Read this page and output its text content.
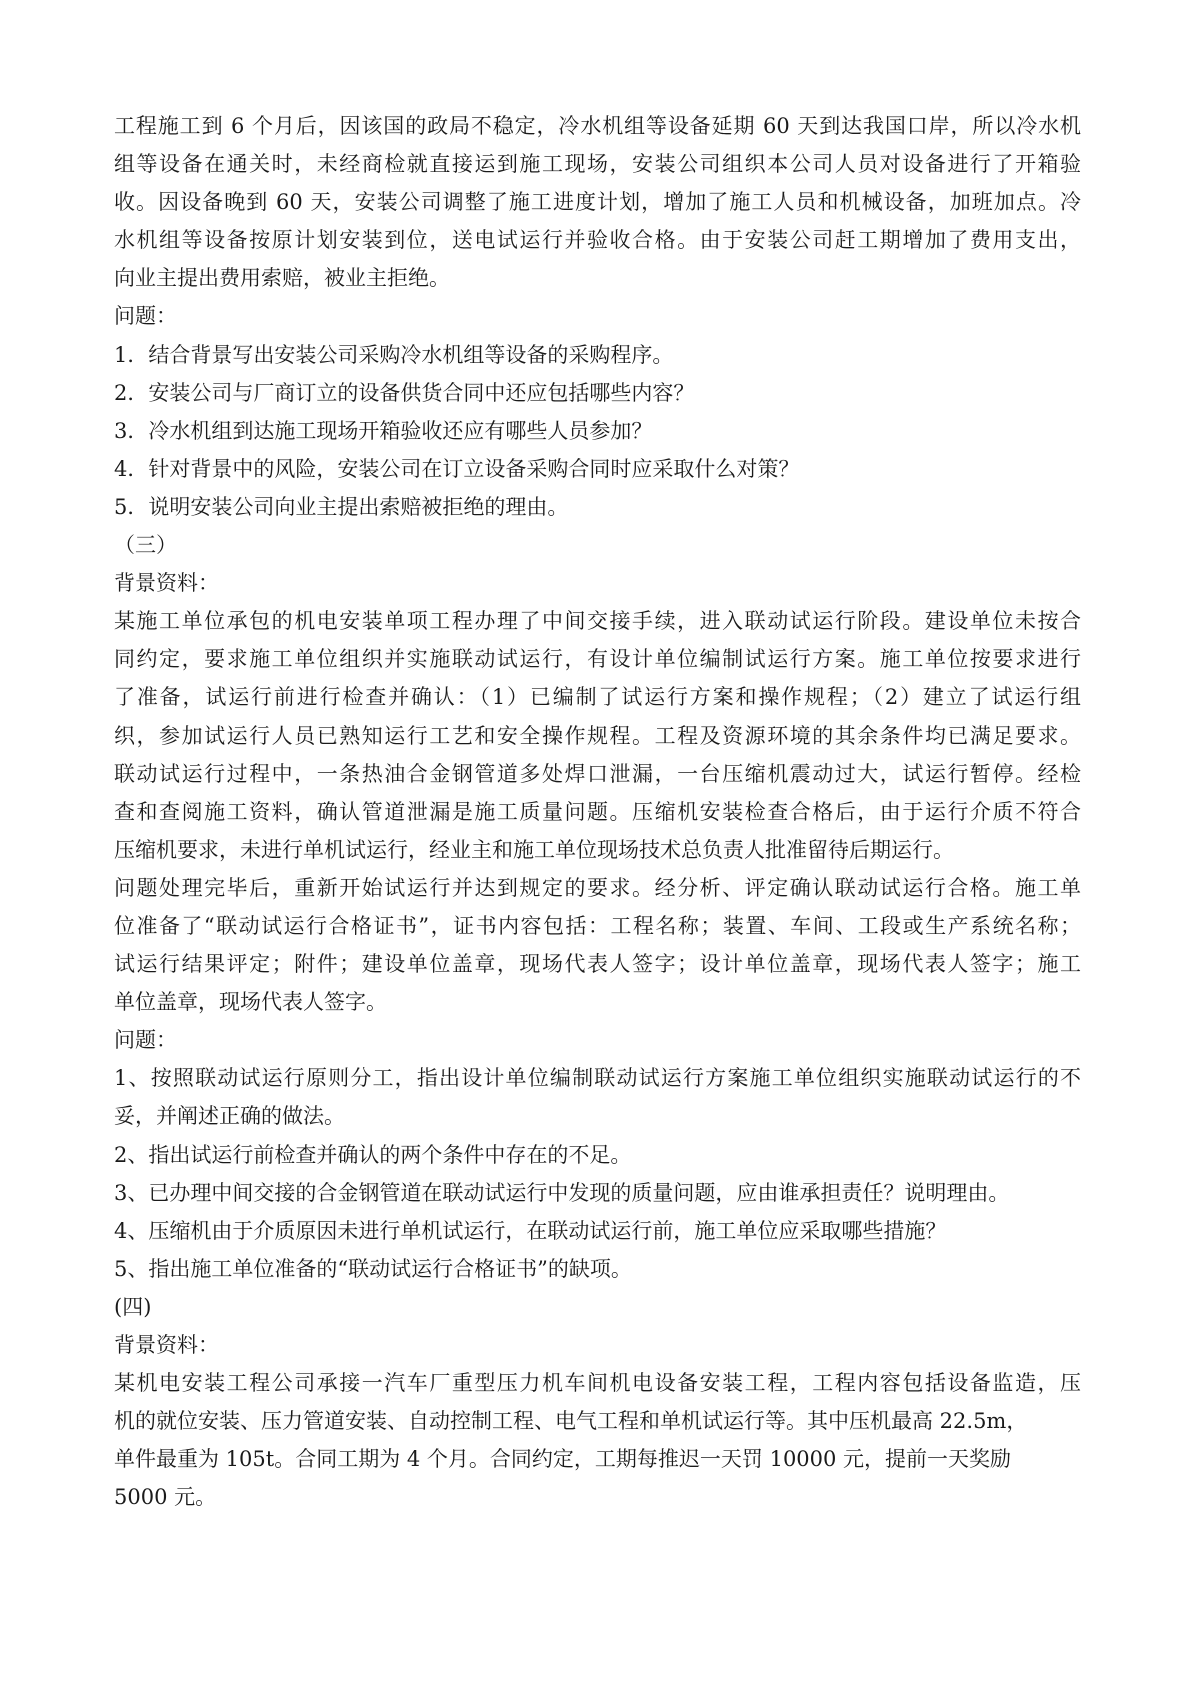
工程施工到 6 个月后，因该国的政局不稳定，冷水机组等设备延期 60 天到达我国口岸，所以冷水机
组等设备在通关时，未经商检就直接运到施工现场，安装公司组织本公司人员对设备进行了开箱验
收。因设备晚到 60 天，安装公司调整了施工进度计划，增加了施工人员和机械设备，加班加点。冷
水机组等设备按原计划安装到位，送电试运行并验收合格。由于安装公司赶工期增加了费用支出，
向业主提出费用索赔，被业主拒绝。
问题：
1．结合背景写出安装公司采购冷水机组等设备的采购程序。
2．安装公司与厂商订立的设备供货合同中还应包括哪些内容？
3．冷水机组到达施工现场开箱验收还应有哪些人员参加？
4．针对背景中的风险，安装公司在订立设备采购合同时应采取什么对策？
5．说明安装公司向业主提出索赔被拒绝的理由。
（三）
背景资料：
某施工单位承包的机电安装单项工程办理了中间交接手续，进入联动试运行阶段。建设单位未按合
同约定，要求施工单位组织并实施联动试运行，有设计单位编制试运行方案。施工单位按要求进行
了准备，试运行前进行检查并确认：（1）已编制了试运行方案和操作规程；（2）建立了试运行组
织，参加试运行人员已熟知运行工艺和安全操作规程。工程及资源环境的其余条件均已满足要求。
联动试运行过程中，一条热油合金钢管道多处焊口泄漏，一台压缩机震动过大，试运行暂停。经检
查和查阅施工资料，确认管道泄漏是施工质量问题。压缩机安装检查合格后，由于运行介质不符合
压缩机要求，未进行单机试运行，经业主和施工单位现场技术总负责人批准留待后期运行。
问题处理完毕后，重新开始试运行并达到规定的要求。经分析、评定确认联动试运行合格。施工单
位准备了“联动试运行合格证书”，证书内容包括：工程名称；装置、车间、工段或生产系统名称；
试运行结果评定；附件；建设单位盖章，现场代表人签字；设计单位盖章，现场代表人签字；施工
单位盖章，现场代表人签字。
问题：
1、按照联动试运行原则分工，指出设计单位编制联动试运行方案施工单位组织实施联动试运行的不
妥，并阐述正确的做法。
2、指出试运行前检查并确认的两个条件中存在的不足。
3、已办理中间交接的合金钢管道在联动试运行中发现的质量问题，应由谁承担责任？说明理由。
4、压缩机由于介质原因未进行单机试运行，在联动试运行前，施工单位应采取哪些措施？
5、指出施工单位准备的“联动试运行合格证书”的缺项。
(四)
背景资料：
某机电安装工程公司承接一汽车厂重型压力机车间机电设备安装工程，工程内容包括设备监造，压
机的就位安装、压力管道安装、自动控制工程、电气工程和单机试运行等。其中压机最高 22.5m，
单件最重为 105t。合同工期为 4 个月。合同约定，工期每推迟一天罚 10000 元，提前一天奖励
5000 元。
